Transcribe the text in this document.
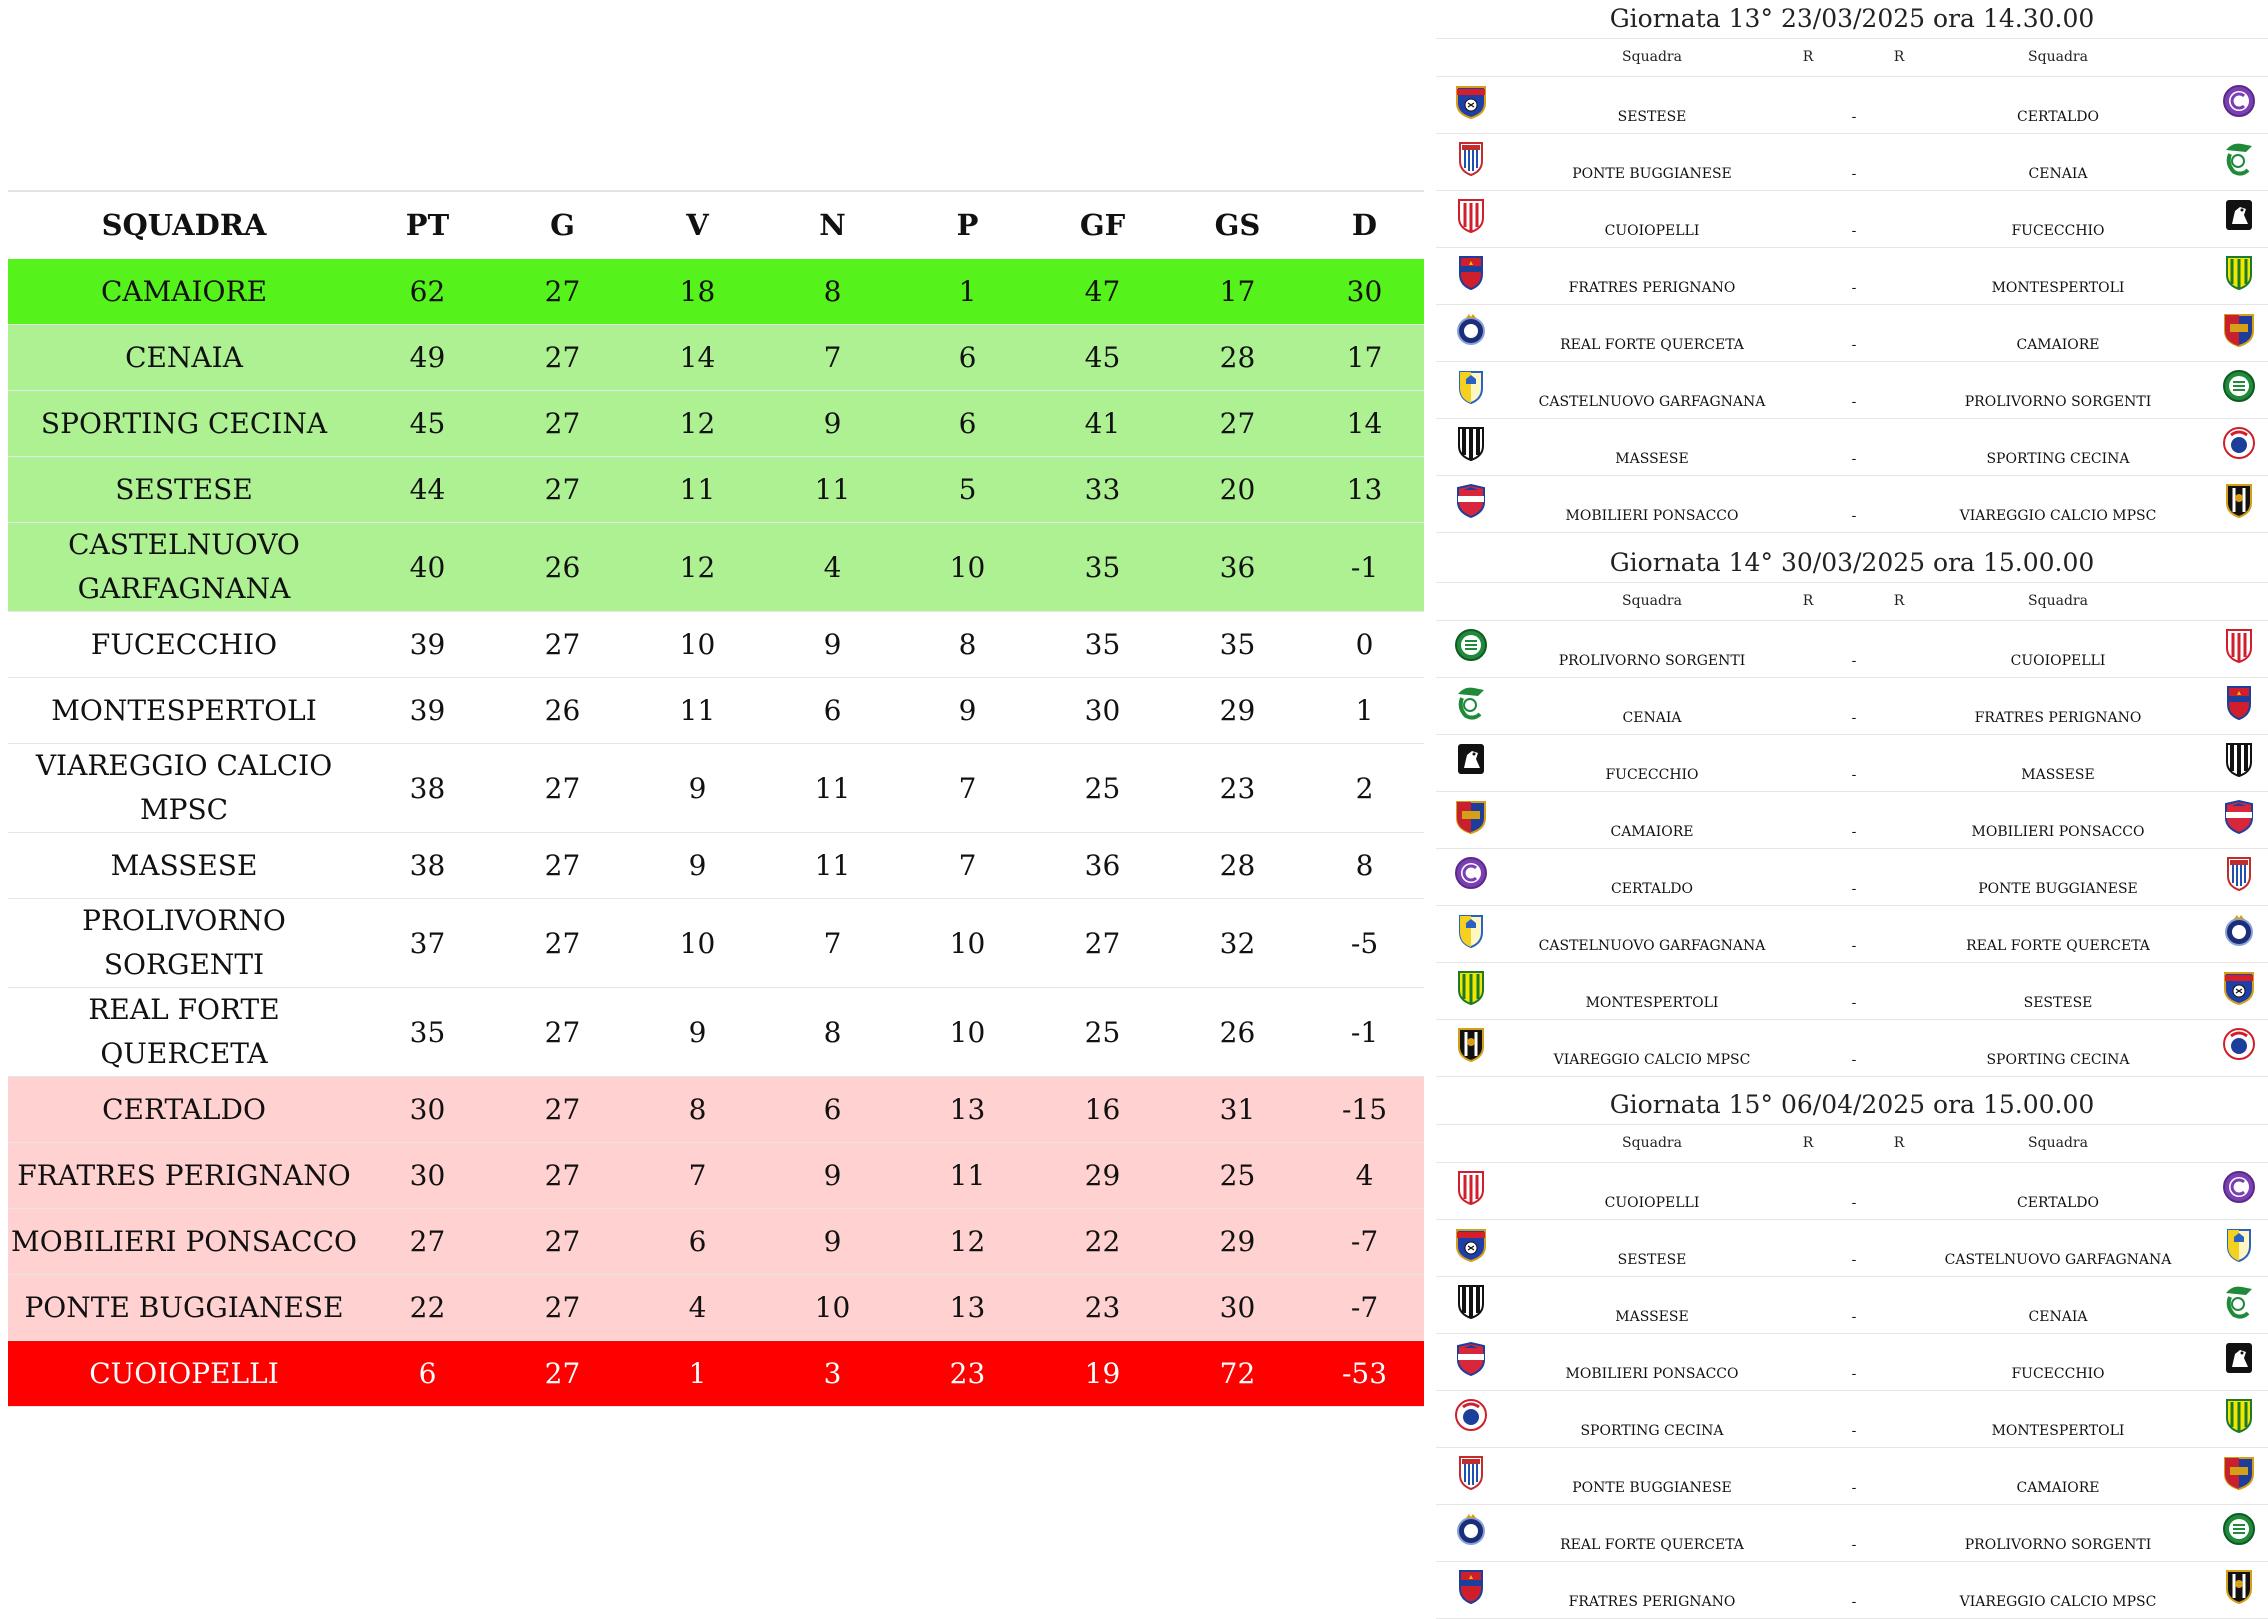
SQUADRA	PT	G	V	N	P	GF	GS	D
CAMAIORE	62	27	18	8	1	47	17	30
CENAIA	49	27	14	7	6	45	28	17
SPORTING CECINA	45	27	12	9	6	41	27	14
SESTESE	44	27	11	11	5	33	20	13
CASTELNUOVO GARFAGNANA	40	26	12	4	10	35	36	-1
FUCECCHIO	39	27	10	9	8	35	35	0
MONTESPERTOLI	39	26	11	6	9	30	29	1
VIAREGGIO CALCIO MPSC	38	27	9	11	7	25	23	2
MASSESE	38	27	9	11	7	36	28	8
PROLIVORNO SORGENTI	37	27	10	7	10	27	32	-5
REAL FORTE QUERCETA	35	27	9	8	10	25	26	-1
CERTALDO	30	27	8	6	13	16	31	-15
FRATRES PERIGNANO	30	27	7	9	11	29	25	4
MOBILIERI PONSACCO	27	27	6	9	12	22	29	-7
PONTE BUGGIANESE	22	27	4	10	13	23	30	-7
CUOIOPELLI	6	27	1	3	23	19	72	-53
Giornata 13° 23/03/2025 ora 14.30.00
Squadra	R	R	Squadra
SESTESE	-	CERTALDO
PONTE BUGGIANESE	-	CENAIA
CUOIOPELLI	-	FUCECCHIO
FRATRES PERIGNANO	-	MONTESPERTOLI
REAL FORTE QUERCETA	-	CAMAIORE
CASTELNUOVO GARFAGNANA	-	PROLIVORNO SORGENTI
MASSESE	-	SPORTING CECINA
MOBILIERI PONSACCO	-	VIAREGGIO CALCIO MPSC
Giornata 14° 30/03/2025 ora 15.00.00
Squadra	R	R	Squadra
PROLIVORNO SORGENTI	-	CUOIOPELLI
CENAIA	-	FRATRES PERIGNANO
FUCECCHIO	-	MASSESE
CAMAIORE	-	MOBILIERI PONSACCO
CERTALDO	-	PONTE BUGGIANESE
CASTELNUOVO GARFAGNANA	-	REAL FORTE QUERCETA
MONTESPERTOLI	-	SESTESE
VIAREGGIO CALCIO MPSC	-	SPORTING CECINA
Giornata 15° 06/04/2025 ora 15.00.00
Squadra	R	R	Squadra
CUOIOPELLI	-	CERTALDO
SESTESE	-	CASTELNUOVO GARFAGNANA
MASSESE	-	CENAIA
MOBILIERI PONSACCO	-	FUCECCHIO
SPORTING CECINA	-	MONTESPERTOLI
PONTE BUGGIANESE	-	CAMAIORE
REAL FORTE QUERCETA	-	PROLIVORNO SORGENTI
FRATRES PERIGNANO	-	VIAREGGIO CALCIO MPSC
